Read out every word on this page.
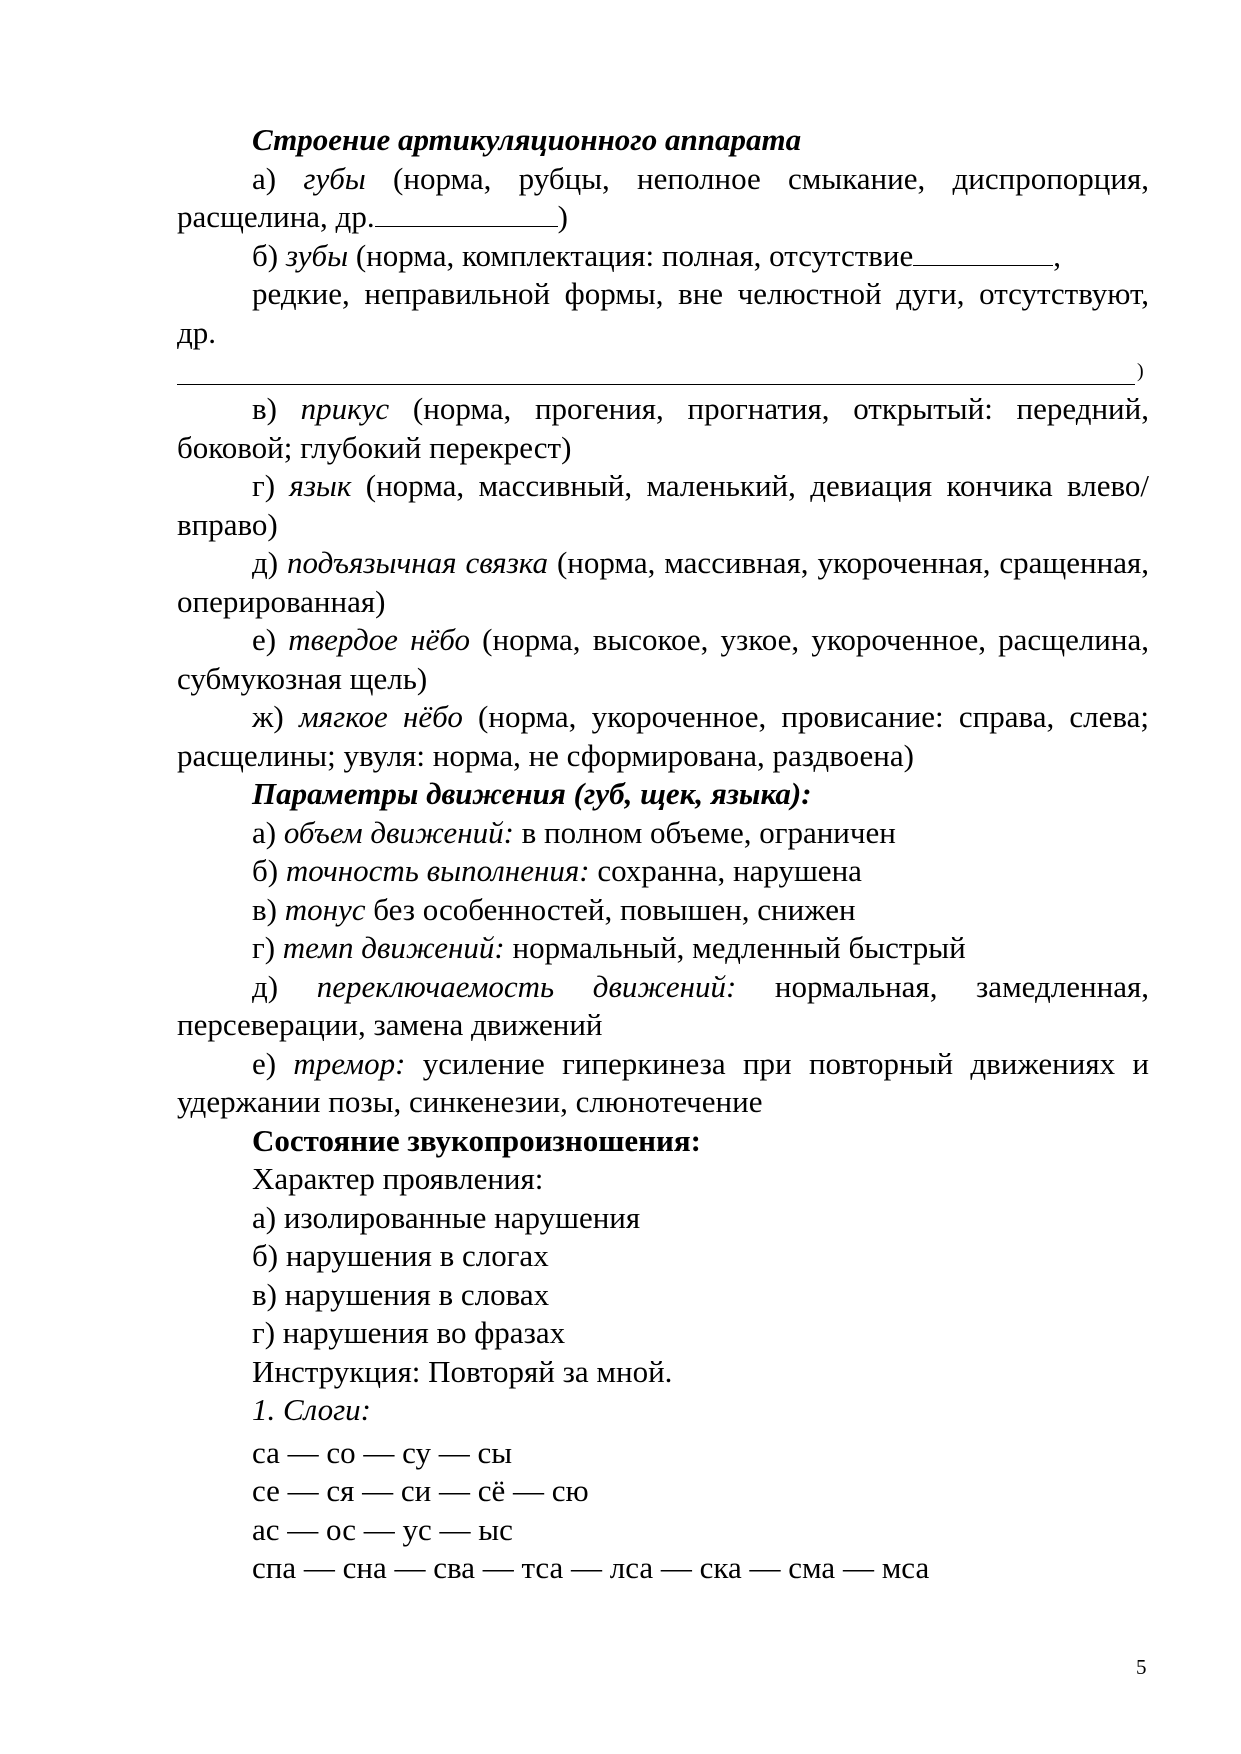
Строение артикуляционного аппарата

а) губы (норма, рубцы, неполное смыкание, диспропорция, расщелина, др.	)

б) зубы (норма, комплектация: полная, отсутствие	,

редкие, неправильной формы, вне челюстной дуги, отсутствуют, др.

)

в) прикус (норма, прогения, прогнатия, открытый: передний, боковой; глубокий перекрест)

г) язык (норма, массивный, маленький, девиация кончика влево/ вправо)

д) подъязычная связка (норма, массивная, укороченная, сращенная, оперированная)

е) твердое нёбо (норма, высокое, узкое, укороченное, расщелина, субмукозная щель)

ж) мягкое нёбо (норма, укороченное, провисание: справа, слева; расщелины; увуля: норма, не сформирована, раздвоена)

Параметры движения (губ, щек, языка):

а) объем движений: в полном объеме, ограничен

б) точность выполнения: сохранна, нарушена

в) тонус без особенностей, повышен, снижен

г) темп движений: нормальный, медленный быстрый

д) переключаемость движений: нормальная, замедленная, персеверации, замена движений

е) тремор: усиление гиперкинеза при повторный движениях и удержании позы, синкенезии, слюнотечение

Состояние звукопроизношения:

Характер проявления:

а) изолированные нарушения

б) нарушения в слогах

в) нарушения в словах

г) нарушения во фразах

Инструкция: Повторяй за мной.

1. Слоги:

са — со — су — сы

се — ся — си — сё — сю

ас — ос — ус — ыс

спа — сна — сва — тса — лса — ска — сма — мса

5
